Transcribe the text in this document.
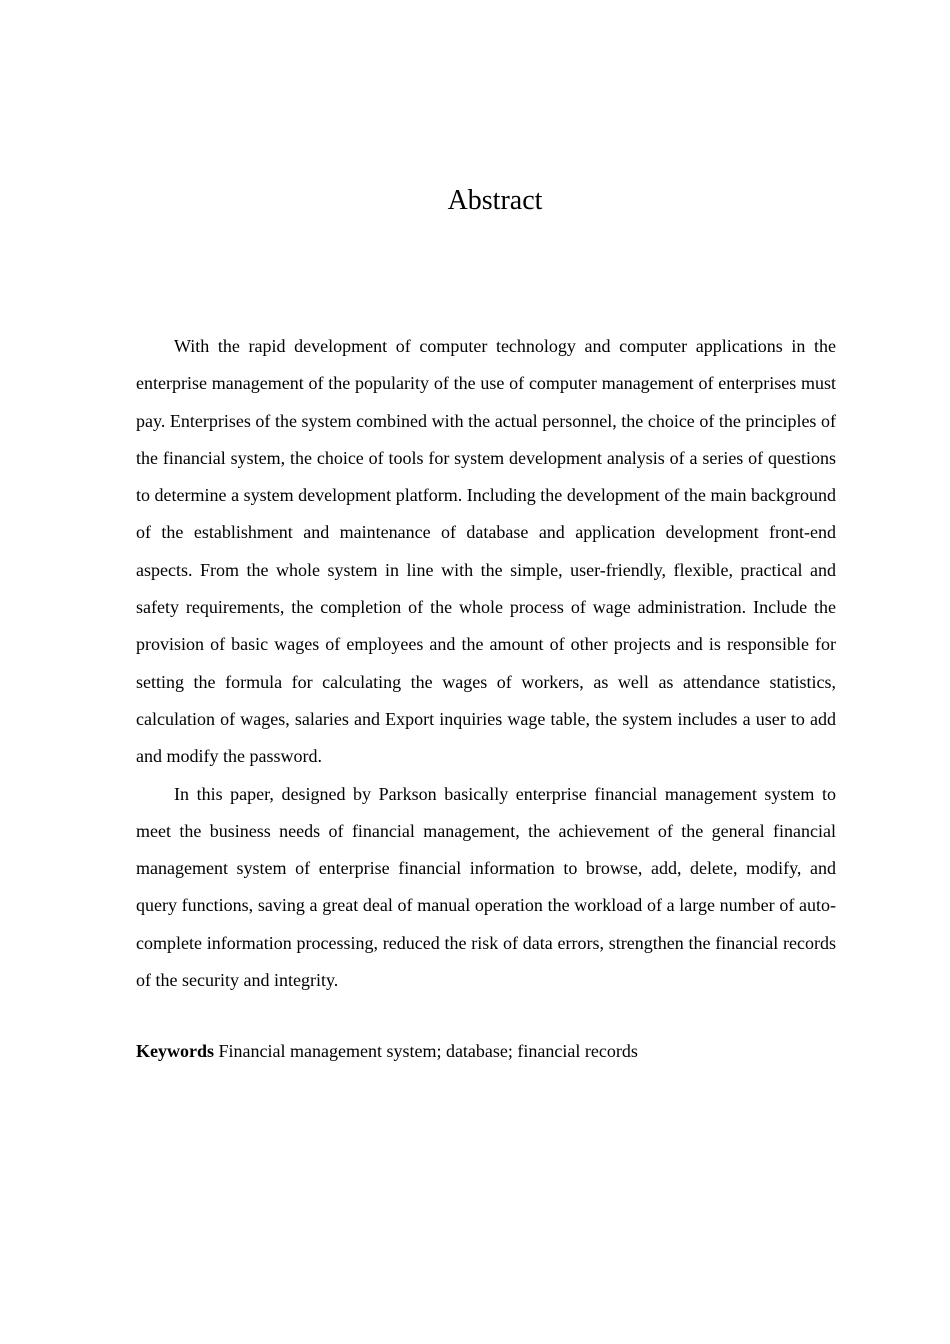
Abstract

With the rapid development of computer technology and computer applications in the enterprise management of the popularity of the use of computer management of enterprises must pay. Enterprises of the system combined with the actual personnel, the choice of the principles of the financial system, the choice of tools for system development analysis of a series of questions to determine a system development platform. Including the development of the main background of the establishment and maintenance of database and application development front-end aspects. From the whole system in line with the simple, user-friendly, flexible, practical and safety requirements, the completion of the whole process of wage administration. Include the provision of basic wages of employees and the amount of other projects and is responsible for setting the formula for calculating the wages of workers, as well as attendance statistics, calculation of wages, salaries and Export inquiries wage table, the system includes a user to add and modify the password.

In this paper, designed by Parkson basically enterprise financial management system to meet the business needs of financial management, the achievement of the general financial management system of enterprise financial information to browse, add, delete, modify, and query functions, saving a great deal of manual operation the workload of a large number of auto-complete information processing, reduced the risk of data errors, strengthen the financial records of the security and integrity.

Keywords Financial management system; database; financial records
